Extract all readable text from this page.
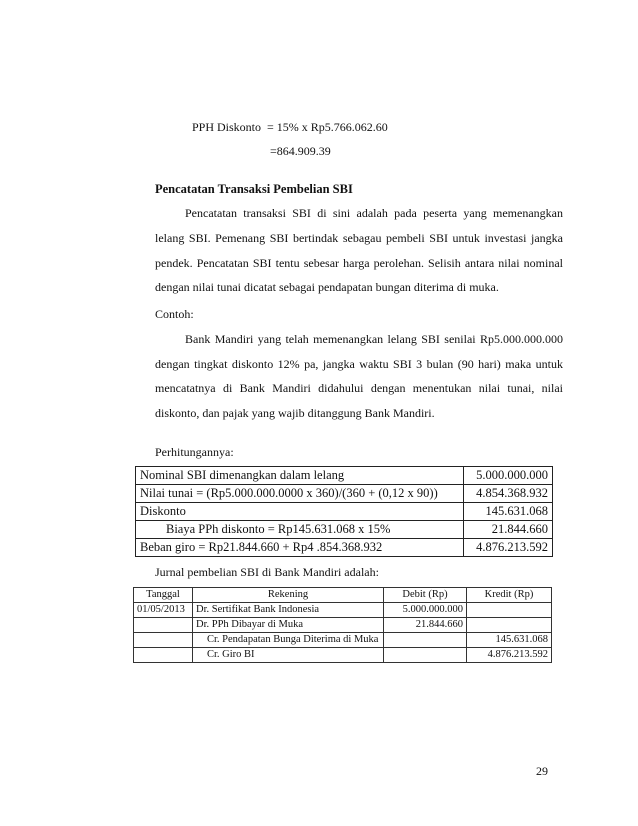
PPH Diskonto  = 15% x Rp5.766.062.60
=864.909.39
Pencatatan Transaksi Pembelian SBI

Pencatatan transaksi SBI di sini adalah pada peserta yang memenangkan lelang SBI. Pemenang SBI bertindak sebagau pembeli SBI untuk investasi jangka pendek. Pencatatan SBI tentu sebesar harga perolehan. Selisih antara nilai nominal dengan nilai tunai dicatat sebagai pendapatan bungan diterima di muka.

Contoh:

Bank Mandiri yang telah memenangkan lelang SBI senilai Rp5.000.000.000 dengan tingkat diskonto 12% pa, jangka waktu SBI 3 bulan (90 hari) maka untuk mencatatnya di Bank Mandiri didahului dengan menentukan nilai tunai, nilai diskonto, dan pajak yang wajib ditanggung Bank Mandiri.

Perhitungannya:

Nominal SBI dimenangkan dalam lelang	5.000.000.000
Nilai tunai = (Rp5.000.000.0000 x 360)/(360 + (0,12 x 90))	4.854.368.932
Diskonto	145.631.068
Biaya PPh diskonto = Rp145.631.068 x 15%	21.844.660
Beban giro = Rp21.844.660 + Rp4 .854.368.932	4.876.213.592

Jurnal pembelian SBI di Bank Mandiri adalah:

Tanggal	Rekening	Debit (Rp)	Kredit (Rp)
01/05/2013	Dr. Sertifikat Bank Indonesia	5.000.000.000	
	Dr. PPh Dibayar di Muka	21.844.660	
	Cr. Pendapatan Bunga Diterima di Muka		145.631.068
	Cr. Giro BI		4.876.213.592
29
